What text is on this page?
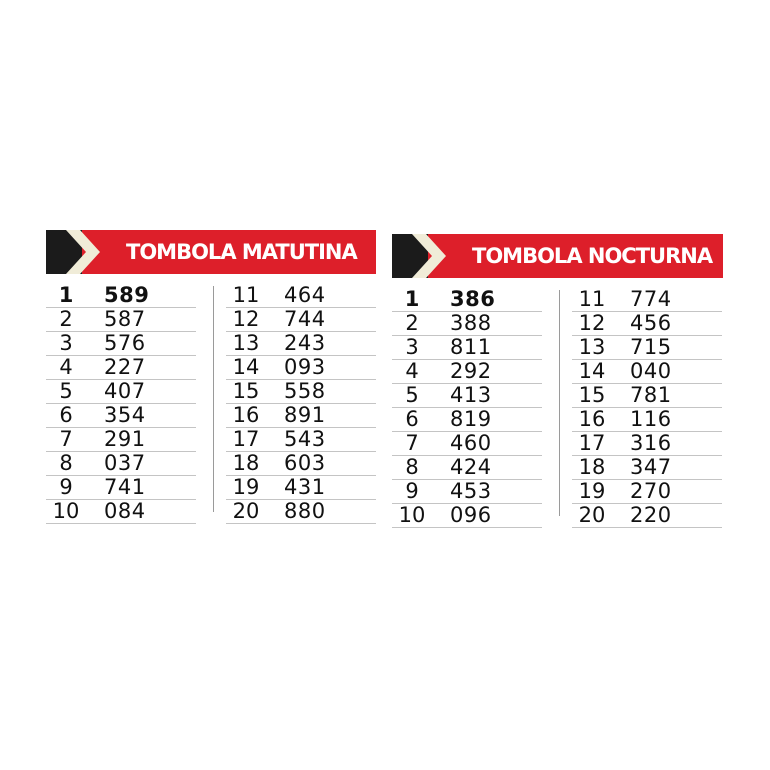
TOMBOLA MATUTINA
1	589
2	587
3	576
4	227
5	407
6	354
7	291
8	037
9	741
10	084
11	464
12	744
13	243
14	093
15	558
16	891
17	543
18	603
19	431
20	880
TOMBOLA NOCTURNA
1	386
2	388
3	811
4	292
5	413
6	819
7	460
8	424
9	453
10	096
11	774
12	456
13	715
14	040
15	781
16	116
17	316
18	347
19	270
20	220
